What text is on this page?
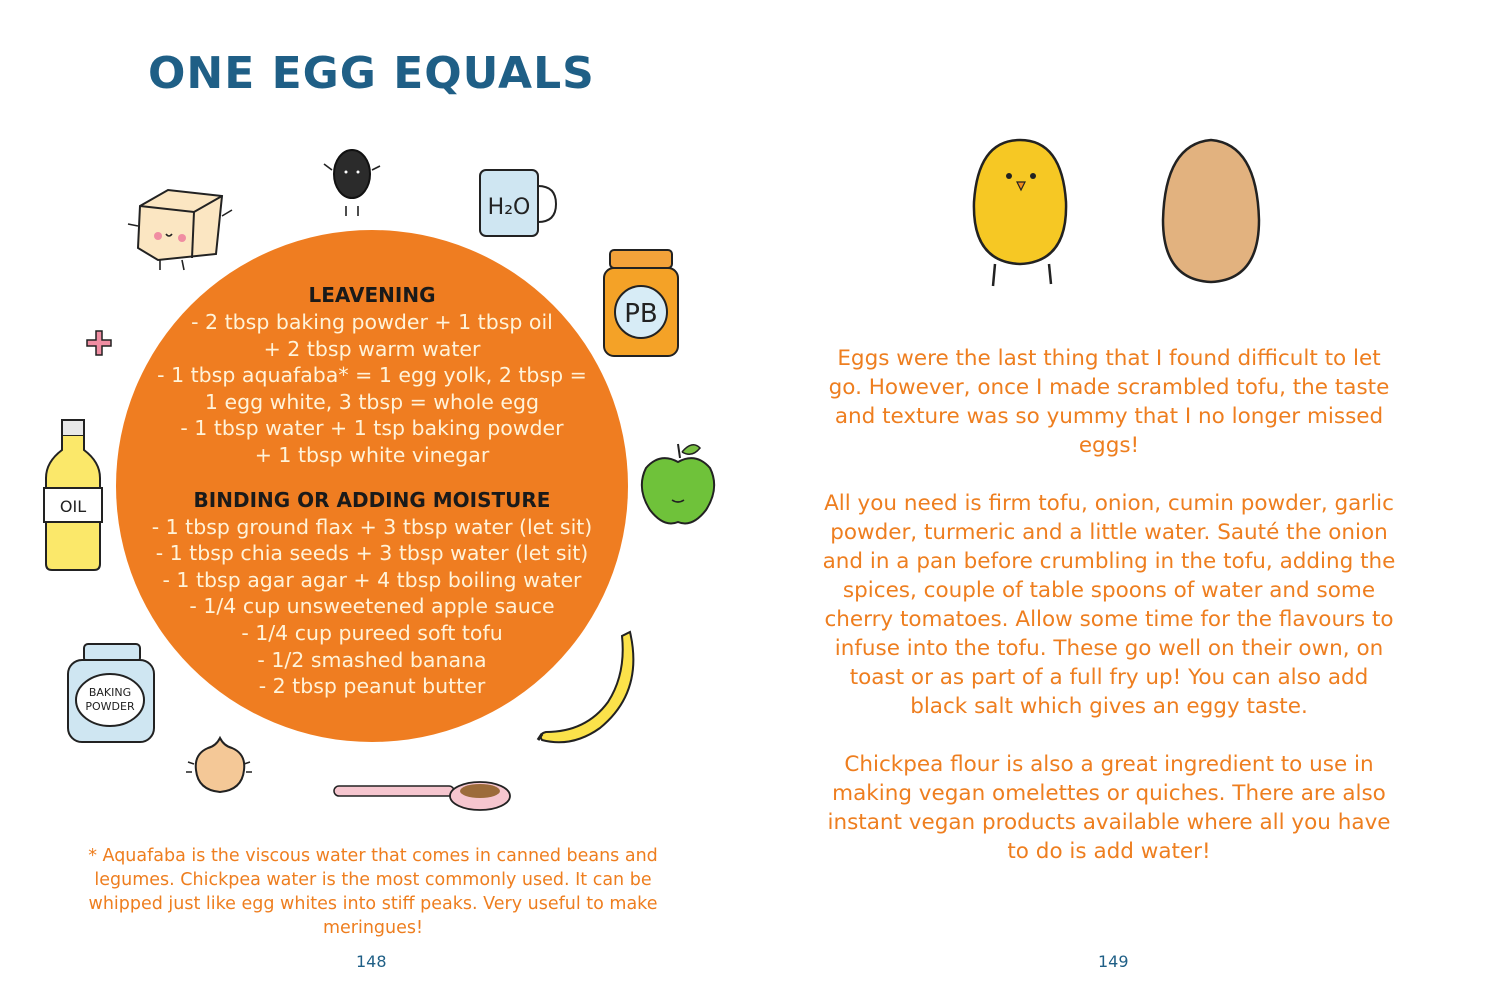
ONE EGG EQUALS
H₂O
PB
OIL
BAKING
POWDER
LEAVENING
- 2 tbsp baking powder + 1 tbsp oil
+ 2 tbsp warm water
- 1 tbsp aquafaba* = 1 egg yolk, 2 tbsp =
1 egg white, 3 tbsp = whole egg
- 1 tbsp water + 1 tsp baking powder
+ 1 tbsp white vinegar
BINDING OR ADDING MOISTURE
- 1 tbsp ground flax + 3 tbsp water (let sit)
- 1 tbsp chia seeds + 3 tbsp water (let sit)
- 1 tbsp agar agar + 4 tbsp boiling water
- 1/4 cup unsweetened apple sauce
- 1/4 cup pureed soft tofu
- 1/2 smashed banana
- 2 tbsp peanut butter
* Aquafaba is the viscous water that comes in canned beans and legumes. Chickpea water is the most commonly used. It can be whipped just like egg whites into stiff peaks. Very useful to make meringues!
148
Eggs were the last thing that I found difficult to let go. However, once I made scrambled tofu, the taste and texture was so yummy that I no longer missed eggs!
All you need is firm tofu, onion, cumin powder, garlic powder, turmeric and a little water. Sauté the onion and in a pan before crumbling in the tofu, adding the spices, couple of table spoons of water and some cherry tomatoes. Allow some time for the flavours to infuse into the tofu. These go well on their own, on toast or as part of a full fry up! You can also add black salt which gives an eggy taste.
Chickpea flour is also a great ingredient to use in making vegan omelettes or quiches. There are also instant vegan products available where all you have to do is add water!
149
